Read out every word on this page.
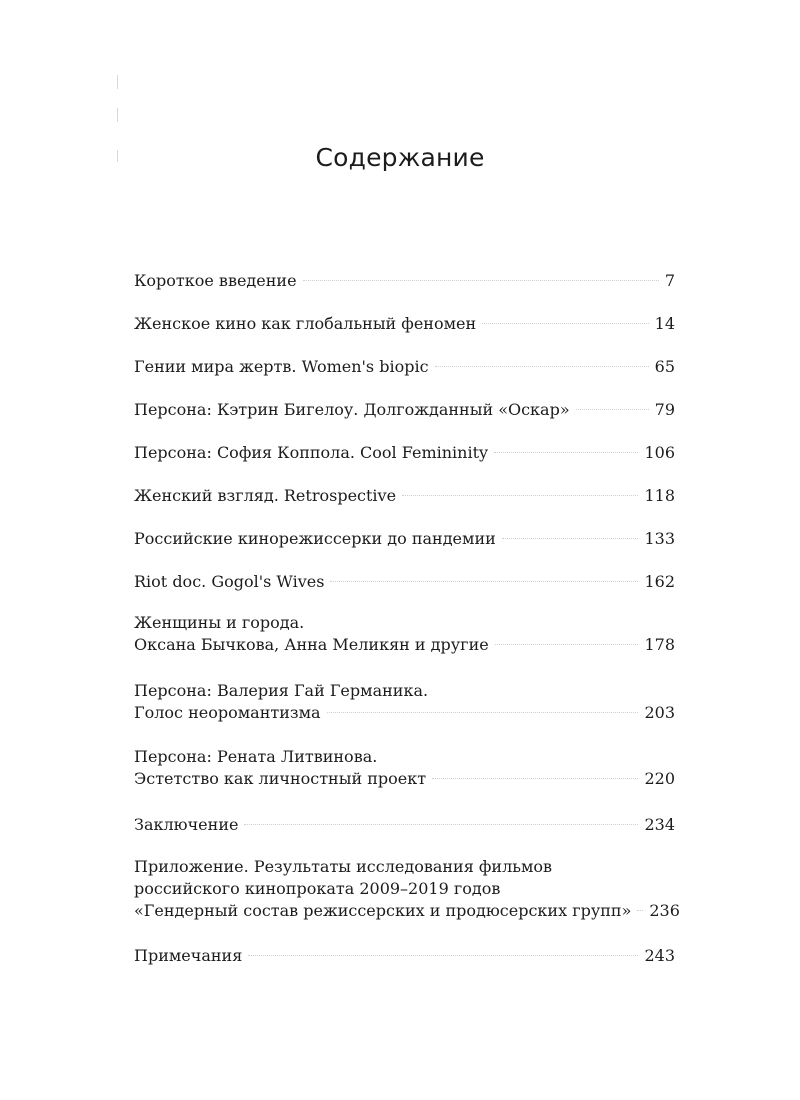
Содержание
Короткое введение	7
Женское кино как глобальный феномен	14
Гении мира жертв. Women's biopic	65
Персона: Кэтрин Бигелоу. Долгожданный «Оскар»	79
Персона: София Коппола. Cool Femininity	106
Женский взгляд. Retrospective	118
Российские кинорежиссерки до пандемии	133
Riot doc. Gogol's Wives	162
Женщины и города.
Оксана Бычкова, Анна Меликян и другие	178
Персона: Валерия Гай Германика.
Голос неоромантизма	203
Персона: Рената Литвинова.
Эстетство как личностный проект	220
Заключение	234
Приложение. Результаты исследования фильмов
российского кинопроката 2009–2019 годов
«Гендерный состав режиссерских и продюсерских групп» 236
Примечания	243
